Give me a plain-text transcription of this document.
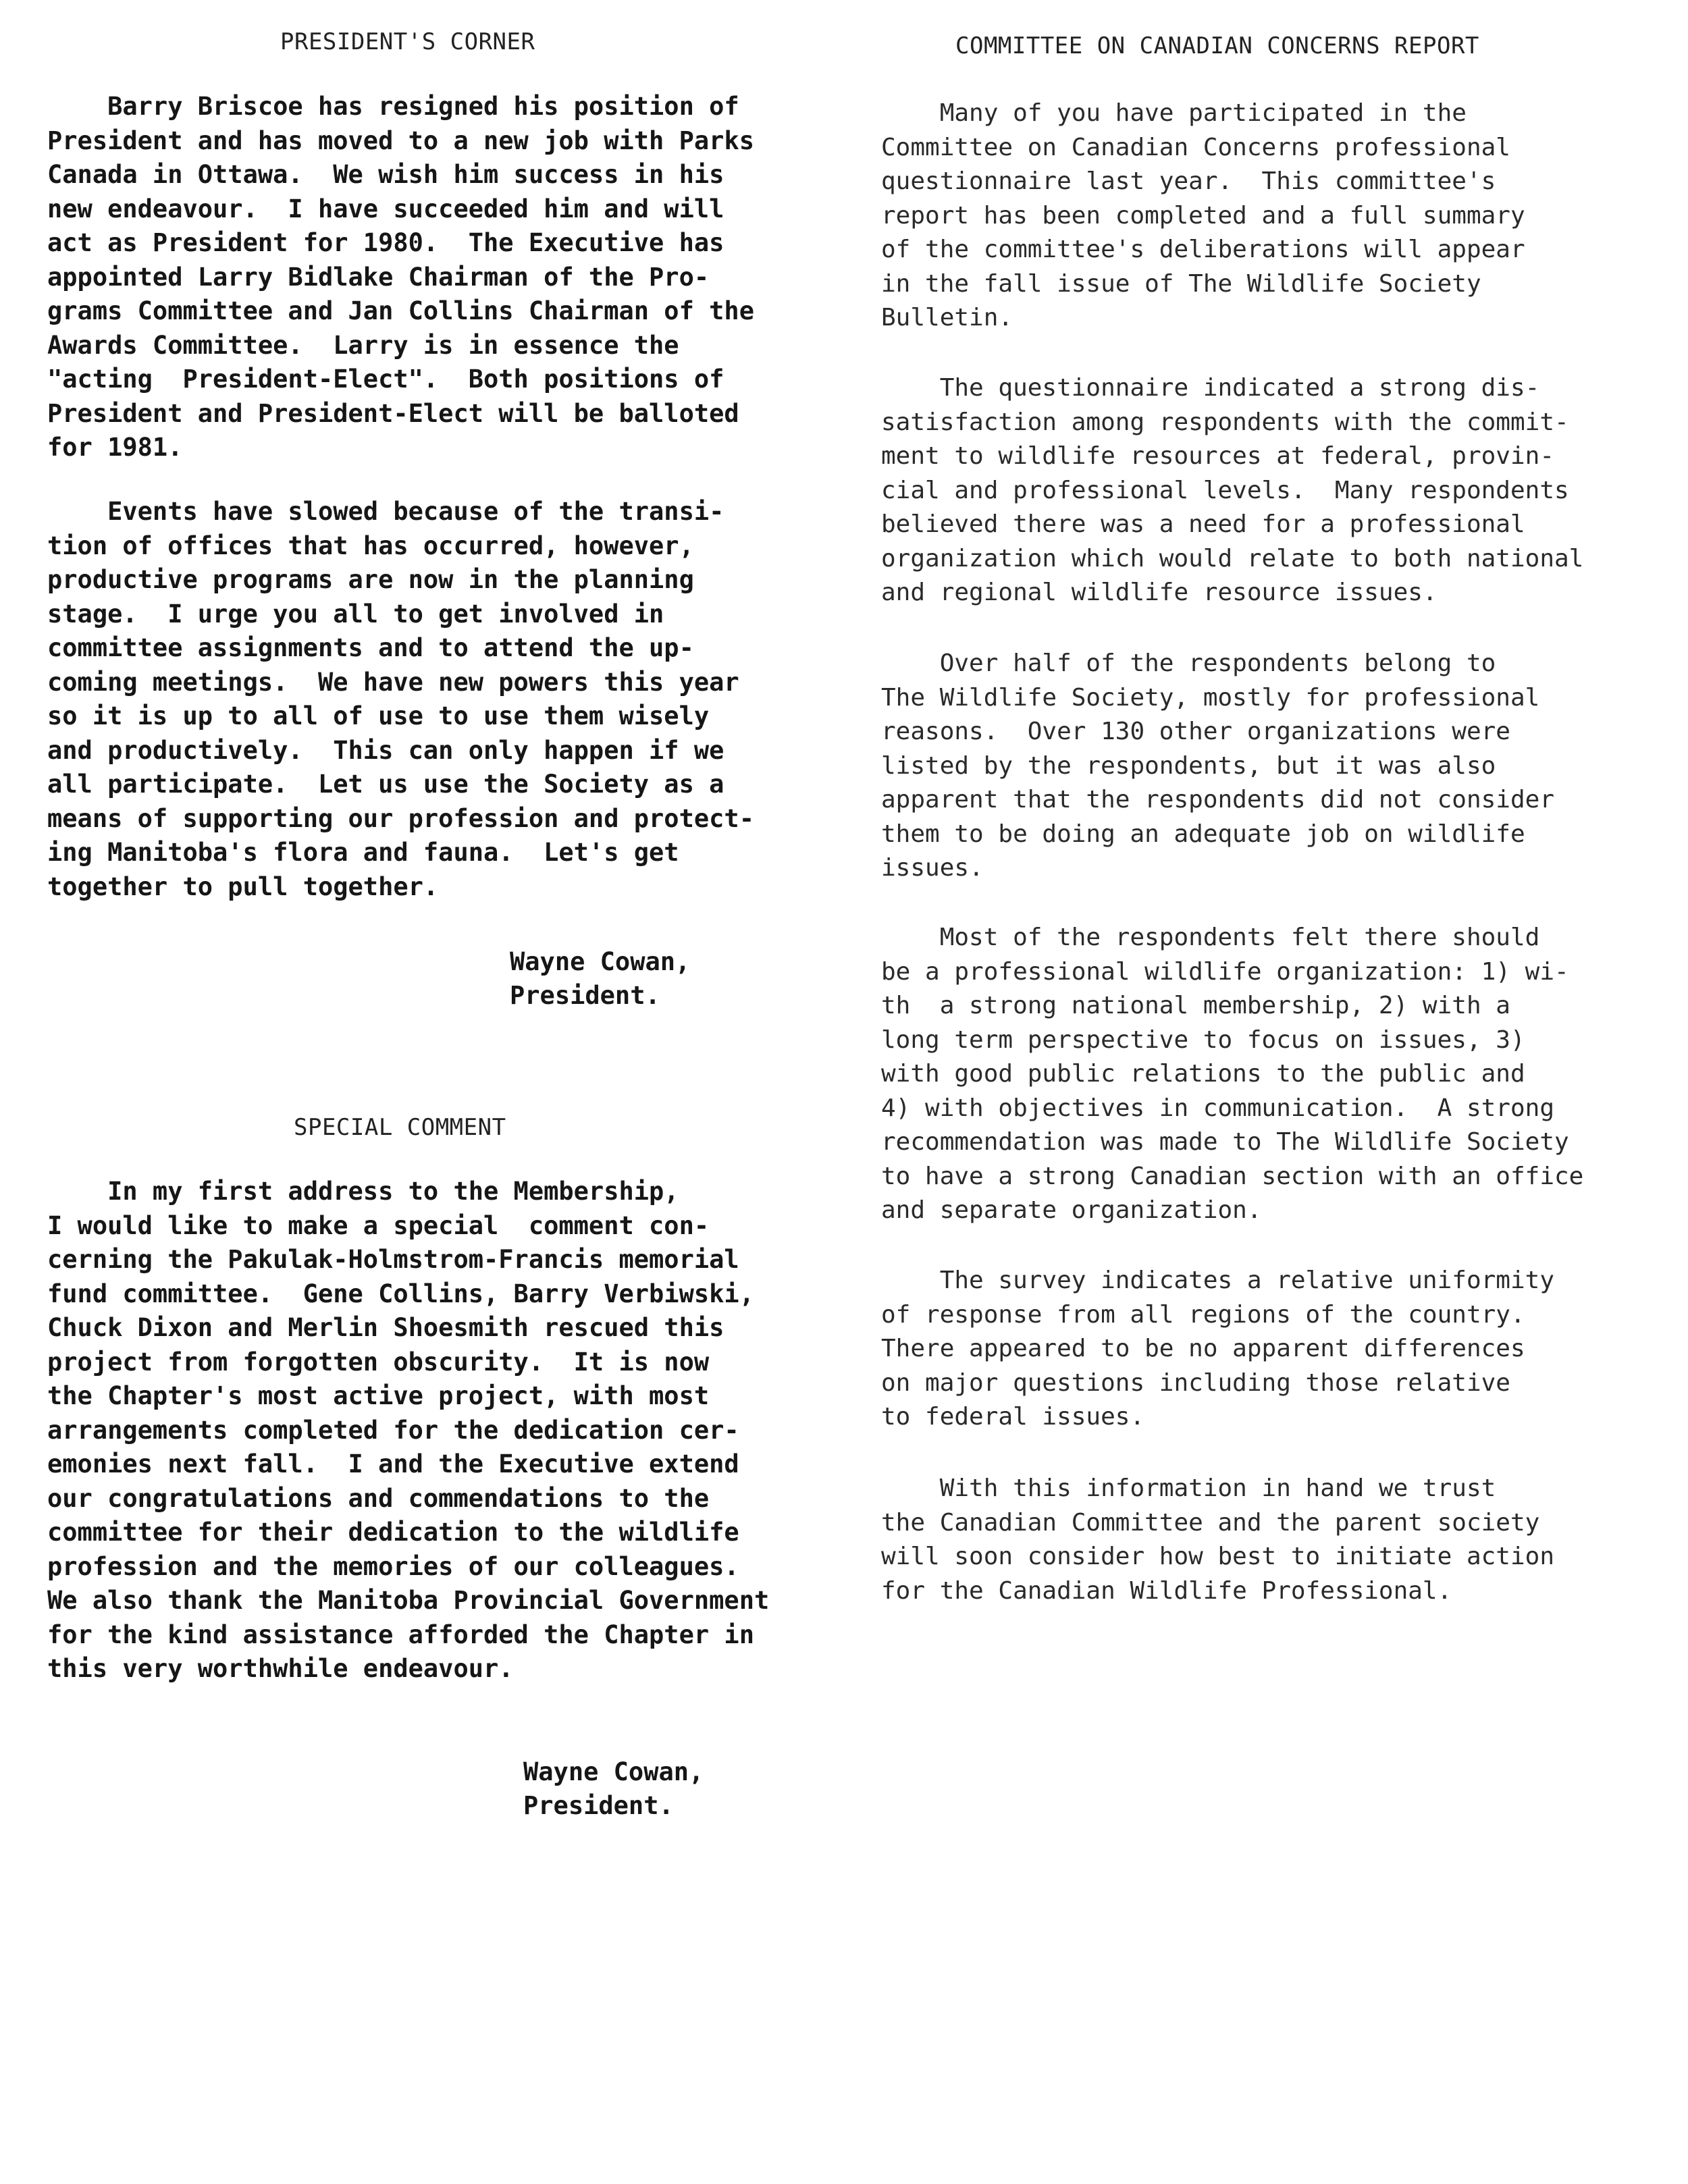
PRESIDENT'S CORNER
Barry Briscoe has resigned his position of
President and has moved to a new job with Parks
Canada in Ottawa.  We wish him success in his
new endeavour.  I have succeeded him and will
act as President for 1980.  The Executive has
appointed Larry Bidlake Chairman of the Pro-
grams Committee and Jan Collins Chairman of the
Awards Committee.  Larry is in essence the
"acting  President-Elect".  Both positions of
President and President-Elect will be balloted
for 1981.
Events have slowed because of the transi-
tion of offices that has occurred, however,
productive programs are now in the planning
stage.  I urge you all to get involved in
committee assignments and to attend the up-
coming meetings.  We have new powers this year
so it is up to all of use to use them wisely
and productively.  This can only happen if we
all participate.  Let us use the Society as a
means of supporting our profession and protect-
ing Manitoba's flora and fauna.  Let's get
together to pull together.
Wayne Cowan,
President.
SPECIAL COMMENT
In my first address to the Membership,
I would like to make a special  comment con-
cerning the Pakulak-Holmstrom-Francis memorial
fund committee.  Gene Collins, Barry Verbiwski,
Chuck Dixon and Merlin Shoesmith rescued this
project from forgotten obscurity.  It is now
the Chapter's most active project, with most
arrangements completed for the dedication cer-
emonies next fall.  I and the Executive extend
our congratulations and commendations to the
committee for their dedication to the wildlife
profession and the memories of our colleagues.
We also thank the Manitoba Provincial Government
for the kind assistance afforded the Chapter in
this very worthwhile endeavour.
Wayne Cowan,
President.
COMMITTEE ON CANADIAN CONCERNS REPORT
Many of you have participated in the
Committee on Canadian Concerns professional
questionnaire last year.  This committee's
report has been completed and a full summary
of the committee's deliberations will appear
in the fall issue of The Wildlife Society
Bulletin.
The questionnaire indicated a strong dis-
satisfaction among respondents with the commit-
ment to wildlife resources at federal, provin-
cial and professional levels.  Many respondents
believed there was a need for a professional
organization which would relate to both national
and regional wildlife resource issues.
Over half of the respondents belong to
The Wildlife Society, mostly for professional
reasons.  Over 130 other organizations were
listed by the respondents, but it was also
apparent that the respondents did not consider
them to be doing an adequate job on wildlife
issues.
Most of the respondents felt there should
be a professional wildlife organization: 1) wi-
th  a strong national membership, 2) with a
long term perspective to focus on issues, 3)
with good public relations to the public and
4) with objectives in communication.  A strong
recommendation was made to The Wildlife Society
to have a strong Canadian section with an office
and separate organization.
The survey indicates a relative uniformity
of response from all regions of the country.
There appeared to be no apparent differences
on major questions including those relative
to federal issues.
With this information in hand we trust
the Canadian Committee and the parent society
will soon consider how best to initiate action
for the Canadian Wildlife Professional.
